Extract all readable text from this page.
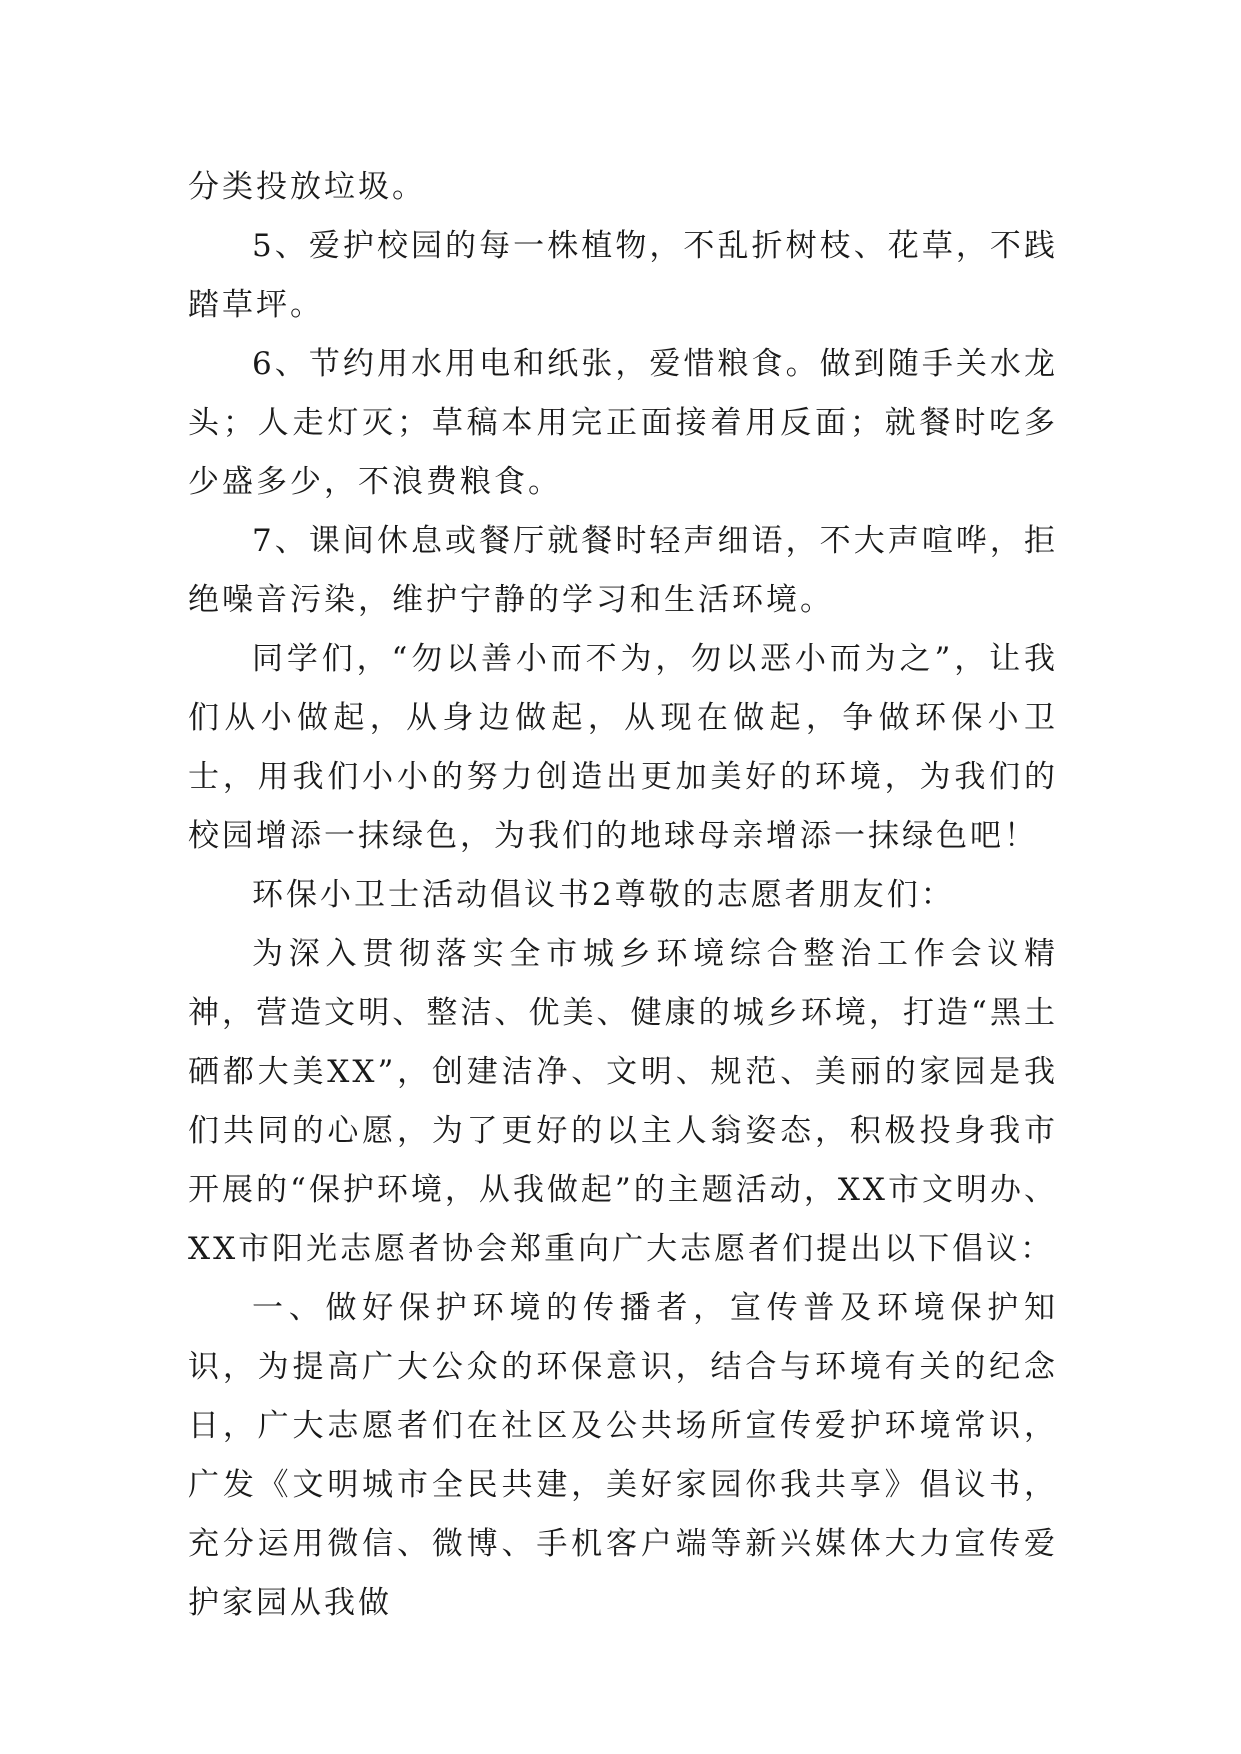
分类投放垃圾。

5、爱护校园的每一株植物，不乱折树枝、花草，不践踏草坪。

6、节约用水用电和纸张，爱惜粮食。做到随手关水龙头；人走灯灭；草稿本用完正面接着用反面；就餐时吃多少盛多少，不浪费粮食。

7、课间休息或餐厅就餐时轻声细语，不大声喧哗，拒绝噪音污染，维护宁静的学习和生活环境。

同学们，“勿以善小而不为，勿以恶小而为之”，让我们从小做起，从身边做起，从现在做起，争做环保小卫士，用我们小小的努力创造出更加美好的环境，为我们的校园增添一抹绿色，为我们的地球母亲增添一抹绿色吧！

环保小卫士活动倡议书2尊敬的志愿者朋友们：

为深入贯彻落实全市城乡环境综合整治工作会议精神，营造文明、整洁、优美、健康的城乡环境，打造“黑土硒都大美XX”，创建洁净、文明、规范、美丽的家园是我们共同的心愿，为了更好的以主人翁姿态，积极投身我市开展的“保护环境，从我做起”的主题活动，XX市文明办、XX市阳光志愿者协会郑重向广大志愿者们提出以下倡议：

一、做好保护环境的传播者，宣传普及环境保护知识，为提高广大公众的环保意识，结合与环境有关的纪念日，广大志愿者们在社区及公共场所宣传爱护环境常识，广发《文明城市全民共建，美好家园你我共享》倡议书，充分运用微信、微博、手机客户端等新兴媒体大力宣传爱护家园从我做
